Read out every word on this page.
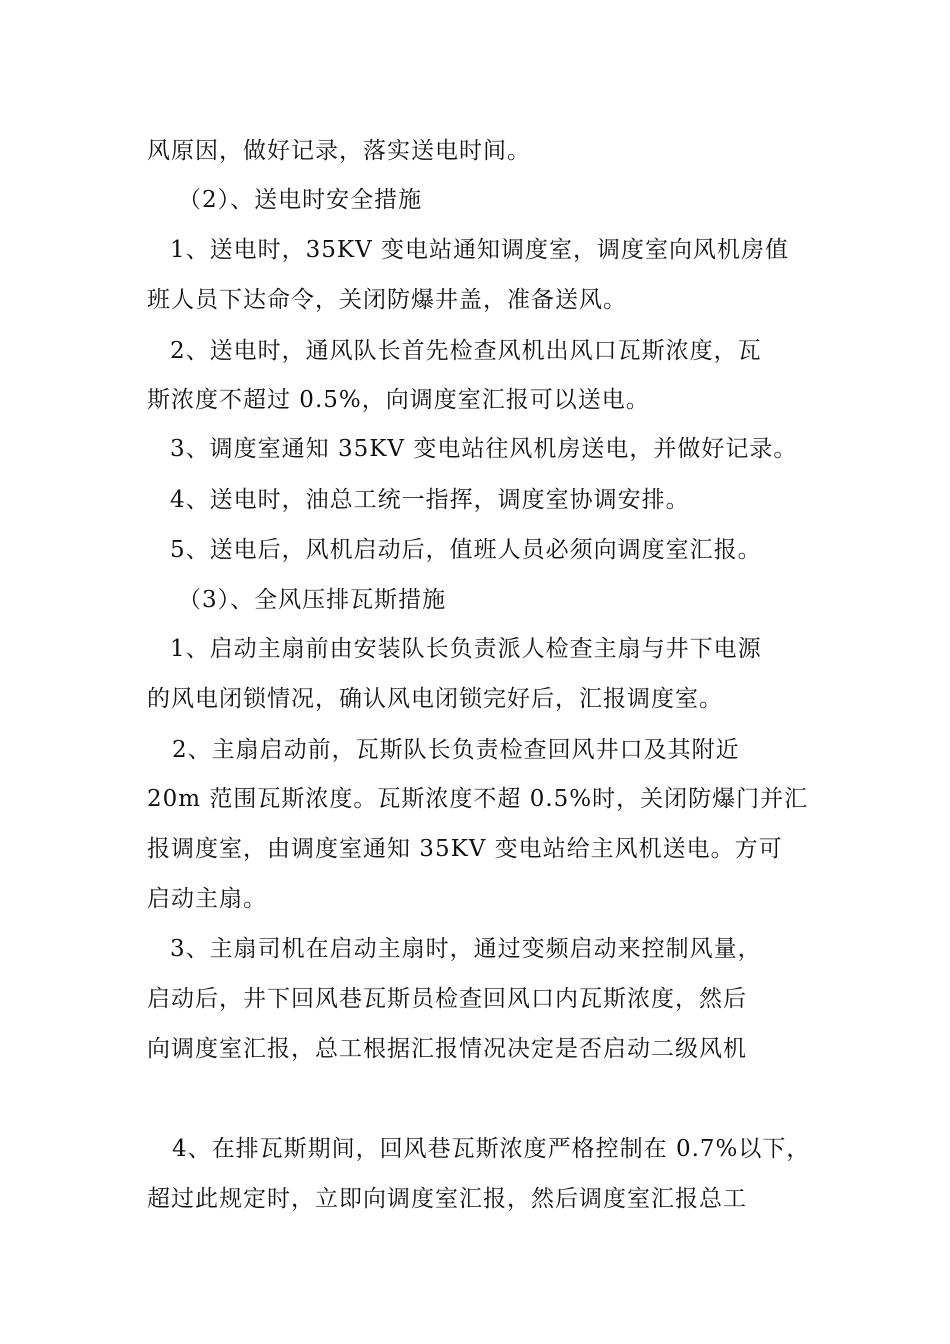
风原因，做好记录，落实送电时间。
（2）、送电时安全措施
1、送电时，35KV 变电站通知调度室，调度室向风机房值
班人员下达命令，关闭防爆井盖，准备送风。
2、送电时，通风队长首先检查风机出风口瓦斯浓度，瓦
斯浓度不超过 0.5%，向调度室汇报可以送电。
3、调度室通知 35KV 变电站往风机房送电，并做好记录。
4、送电时，油总工统一指挥，调度室协调安排。
5、送电后，风机启动后，值班人员必须向调度室汇报。
（3）、全风压排瓦斯措施
1、启动主扇前由安装队长负责派人检查主扇与井下电源
的风电闭锁情况，确认风电闭锁完好后，汇报调度室。
2、主扇启动前，瓦斯队长负责检查回风井口及其附近
20m 范围瓦斯浓度。瓦斯浓度不超 0.5%时，关闭防爆门并汇
报调度室，由调度室通知 35KV 变电站给主风机送电。方可
启动主扇。
3、主扇司机在启动主扇时，通过变频启动来控制风量，
启动后，井下回风巷瓦斯员检查回风口内瓦斯浓度，然后
向调度室汇报，总工根据汇报情况决定是否启动二级风机
4、在排瓦斯期间，回风巷瓦斯浓度严格控制在 0.7%以下，
超过此规定时，立即向调度室汇报，然后调度室汇报总工
